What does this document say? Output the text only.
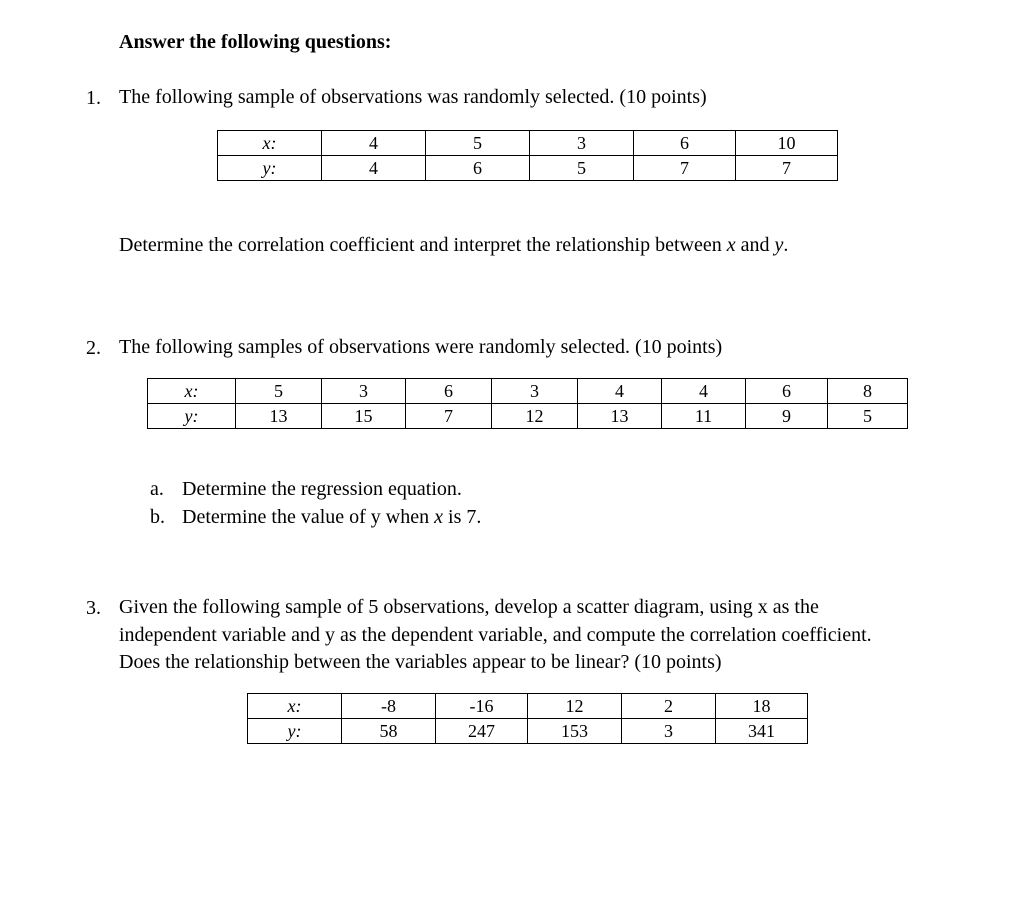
Answer the following questions:
1. The following sample of observations was randomly selected. (10 points)
x:	4	5	3	6	10
y:	4	6	5	7	7
Determine the correlation coefficient and interpret the relationship between x and y.
2. The following samples of observations were randomly selected. (10 points)
x:	5	3	6	3	4	4	6	8
y:	13	15	7	12	13	11	9	5
a. Determine the regression equation.
b. Determine the value of y when x is 7.
3. Given the following sample of 5 observations, develop a scatter diagram, using x as the
independent variable and y as the dependent variable, and compute the correlation coefficient.
Does the relationship between the variables appear to be linear? (10 points)
x:	-8	-16	12	2	18
y:	58	247	153	3	341
